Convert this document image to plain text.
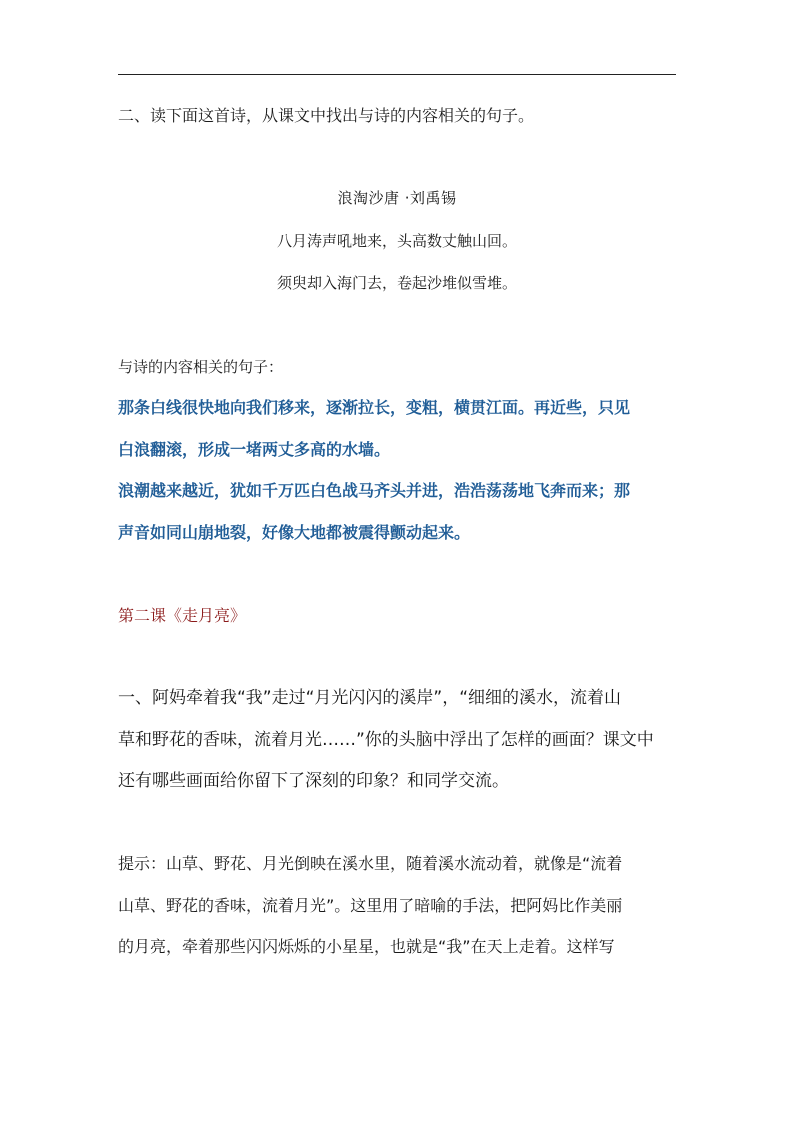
二、读下面这首诗，从课文中找出与诗的内容相关的句子。
浪淘沙唐 ·刘禹锡
八月涛声吼地来，头高数丈触山回。
须臾却入海门去，卷起沙堆似雪堆。
与诗的内容相关的句子：
那条白线很快地向我们移来，逐渐拉长，变粗，横贯江面。再近些，只见
白浪翻滚，形成一堵两丈多高的水墙。
浪潮越来越近，犹如千万匹白色战马齐头并进，浩浩荡荡地飞奔而来；那
声音如同山崩地裂，好像大地都被震得颤动起来。
第二课《走月亮》
一、阿妈牵着我“我”走过“月光闪闪的溪岸”，“细细的溪水，流着山
草和野花的香味，流着月光……”你的头脑中浮出了怎样的画面？课文中
还有哪些画面给你留下了深刻的印象？和同学交流。
提示：山草、野花、月光倒映在溪水里，随着溪水流动着，就像是“流着
山草、野花的香味，流着月光”。这里用了暗喻的手法，把阿妈比作美丽
的月亮，牵着那些闪闪烁烁的小星星，也就是“我”在天上走着。这样写
